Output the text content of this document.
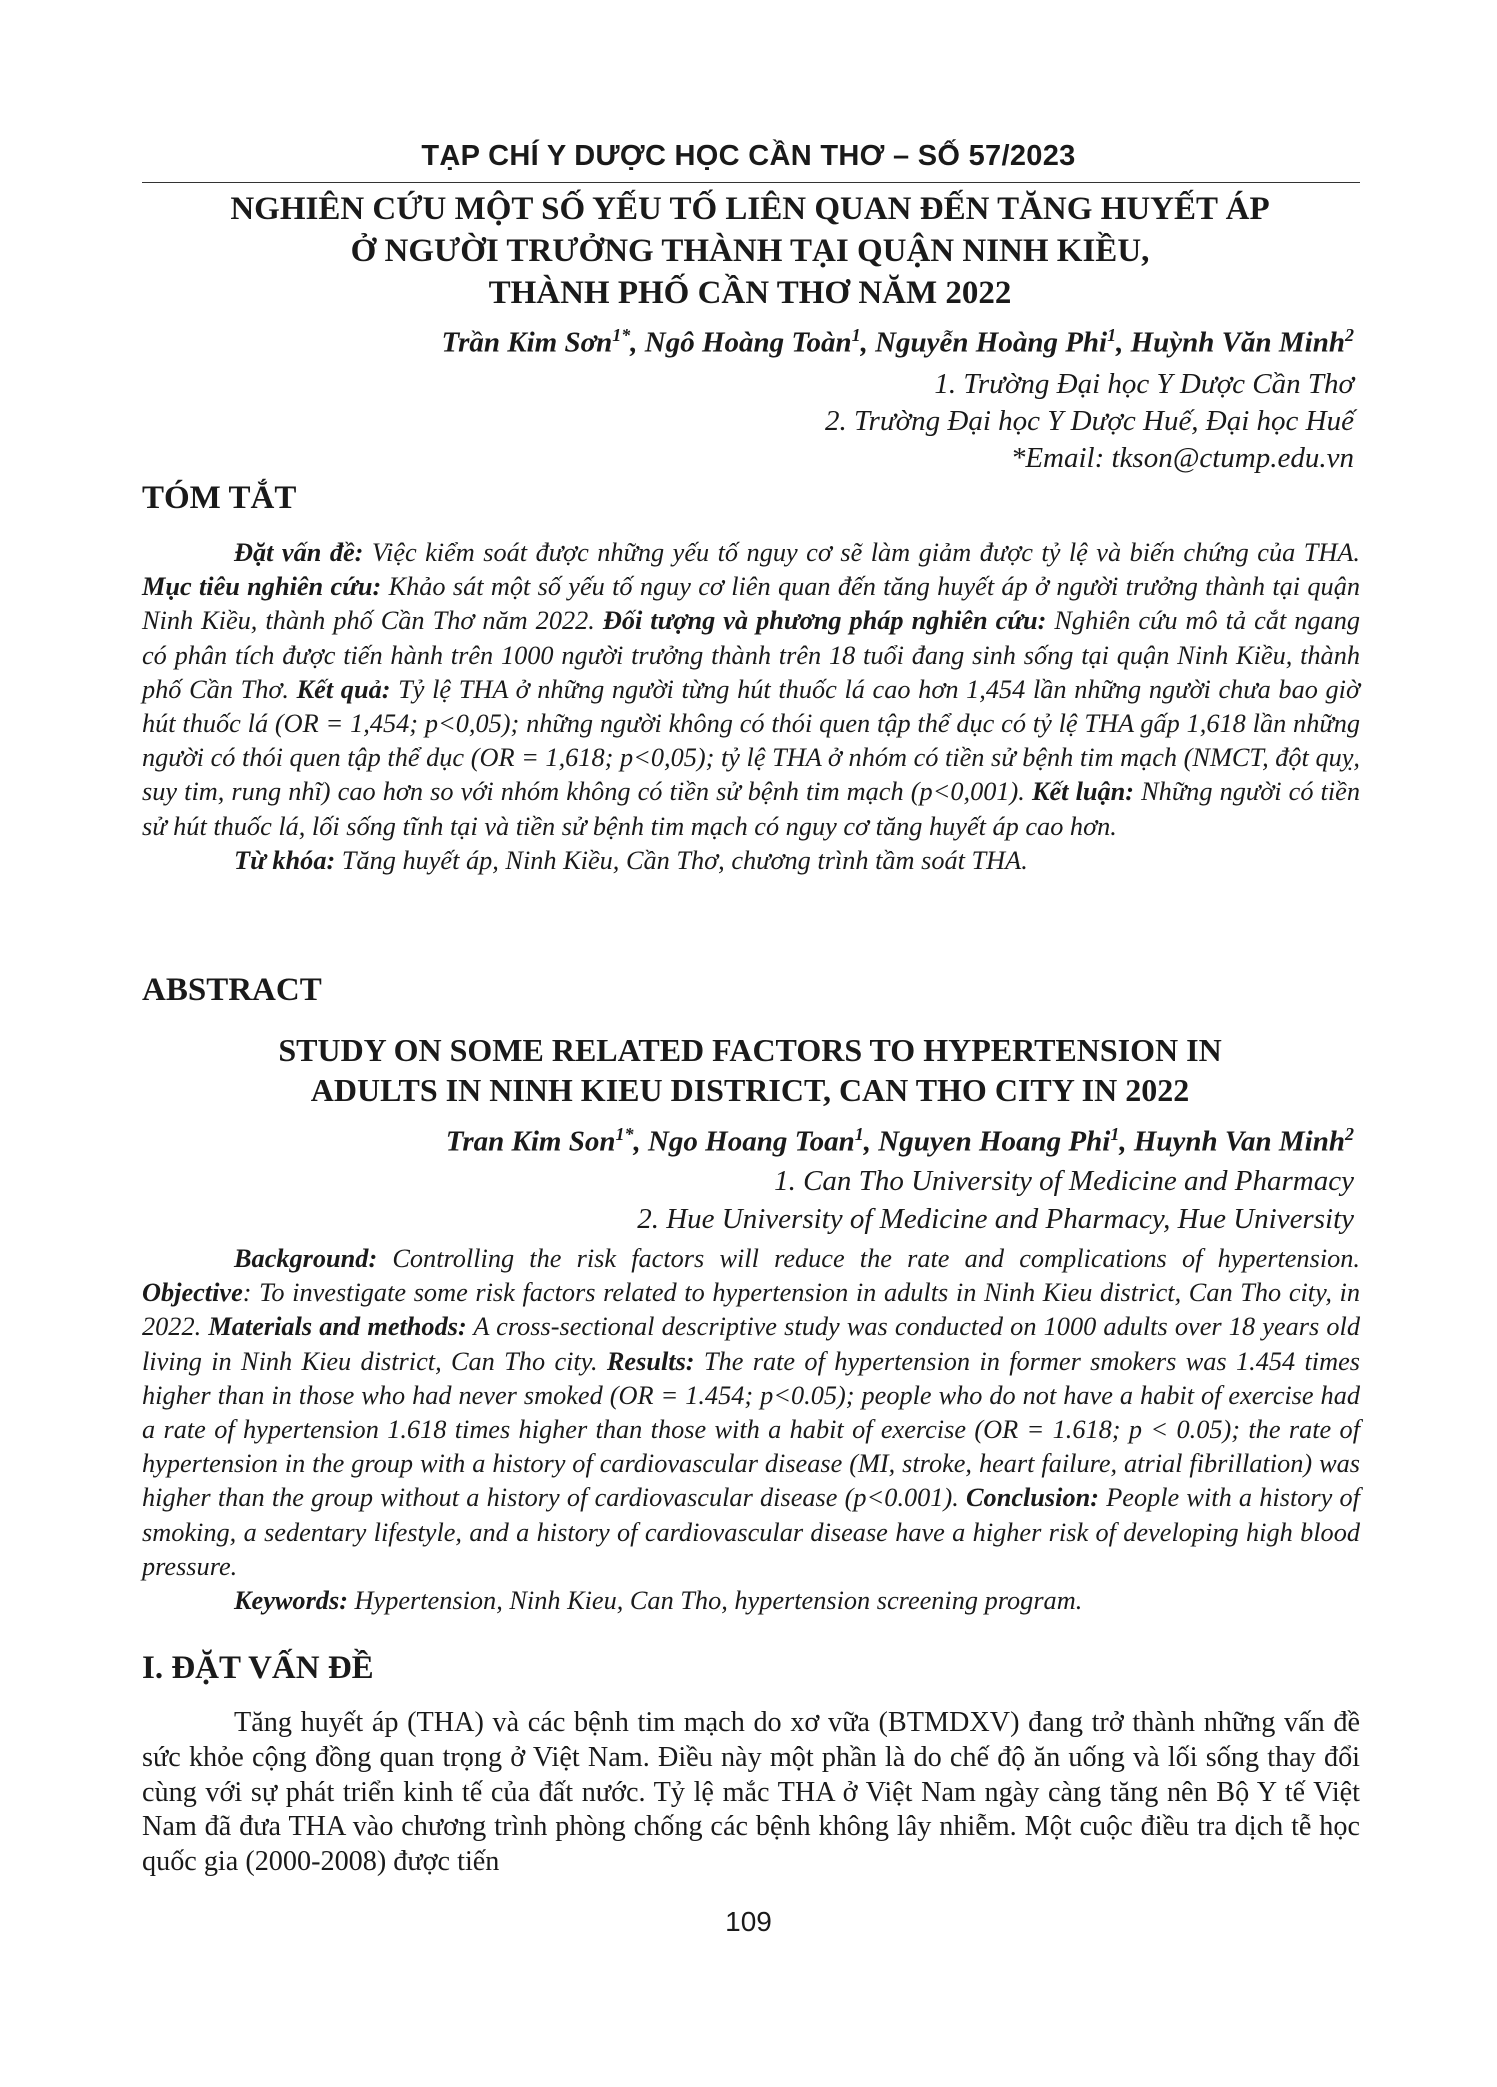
TẠP CHÍ Y DƯỢC HỌC CẦN THƠ – SỐ 57/2023
NGHIÊN CỨU MỘT SỐ YẾU TỐ LIÊN QUAN ĐẾN TĂNG HUYẾT ÁP
Ở NGƯỜI TRƯỞNG THÀNH TẠI QUẬN NINH KIỀU,
THÀNH PHỐ CẦN THƠ NĂM 2022
Trần Kim Sơn$^{1*}$, Ngô Hoàng Toàn$^1$, Nguyễn Hoàng Phi$^1$, Huỳnh Văn Minh$^2$
1. Trường Đại học Y Dược Cần Thơ
2. Trường Đại học Y Dược Huế, Đại học Huế
*Email: tkson@ctump.edu.vn
TÓM TẮT

Đặt vấn đề: Việc kiểm soát được những yếu tố nguy cơ sẽ làm giảm được tỷ lệ và biến chứng của THA. Mục tiêu nghiên cứu: Khảo sát một số yếu tố nguy cơ liên quan đến tăng huyết áp ở người trưởng thành tại quận Ninh Kiều, thành phố Cần Thơ năm 2022. Đối tượng và phương pháp nghiên cứu: Nghiên cứu mô tả cắt ngang có phân tích được tiến hành trên 1000 người trưởng thành trên 18 tuổi đang sinh sống tại quận Ninh Kiều, thành phố Cần Thơ. Kết quả: Tỷ lệ THA ở những người từng hút thuốc lá cao hơn 1,454 lần những người chưa bao giờ hút thuốc lá (OR = 1,454; p<0,05); những người không có thói quen tập thể dục có tỷ lệ THA gấp 1,618 lần những người có thói quen tập thể dục (OR = 1,618; p<0,05); tỷ lệ THA ở nhóm có tiền sử bệnh tim mạch (NMCT, đột quỵ, suy tim, rung nhĩ) cao hơn so với nhóm không có tiền sử bệnh tim mạch (p<0,001). Kết luận: Những người có tiền sử hút thuốc lá, lối sống tĩnh tại và tiền sử bệnh tim mạch có nguy cơ tăng huyết áp cao hơn.

Từ khóa: Tăng huyết áp, Ninh Kiều, Cần Thơ, chương trình tầm soát THA.

ABSTRACT
STUDY ON SOME RELATED FACTORS TO HYPERTENSION IN
ADULTS IN NINH KIEU DISTRICT, CAN THO CITY IN 2022
Tran Kim Son$^{1*}$, Ngo Hoang Toan$^1$, Nguyen Hoang Phi$^1$, Huynh Van Minh$^2$
1. Can Tho University of Medicine and Pharmacy
2. Hue University of Medicine and Pharmacy, Hue University

Background: Controlling the risk factors will reduce the rate and complications of hypertension. Objective: To investigate some risk factors related to hypertension in adults in Ninh Kieu district, Can Tho city, in 2022. Materials and methods: A cross-sectional descriptive study was conducted on 1000 adults over 18 years old living in Ninh Kieu district, Can Tho city. Results: The rate of hypertension in former smokers was 1.454 times higher than in those who had never smoked (OR = 1.454; p<0.05); people who do not have a habit of exercise had a rate of hypertension 1.618 times higher than those with a habit of exercise (OR = 1.618; p < 0.05); the rate of hypertension in the group with a history of cardiovascular disease (MI, stroke, heart failure, atrial fibrillation) was higher than the group without a history of cardiovascular disease (p<0.001). Conclusion: People with a history of smoking, a sedentary lifestyle, and a history of cardiovascular disease have a higher risk of developing high blood pressure.

Keywords: Hypertension, Ninh Kieu, Can Tho, hypertension screening program.

I. ĐẶT VẤN ĐỀ

Tăng huyết áp (THA) và các bệnh tim mạch do xơ vữa (BTMDXV) đang trở thành những vấn đề sức khỏe cộng đồng quan trọng ở Việt Nam. Điều này một phần là do chế độ ăn uống và lối sống thay đổi cùng với sự phát triển kinh tế của đất nước. Tỷ lệ mắc THA ở Việt Nam ngày càng tăng nên Bộ Y tế Việt Nam đã đưa THA vào chương trình phòng chống các bệnh không lây nhiễm. Một cuộc điều tra dịch tễ học quốc gia (2000-2008) được tiến

109
